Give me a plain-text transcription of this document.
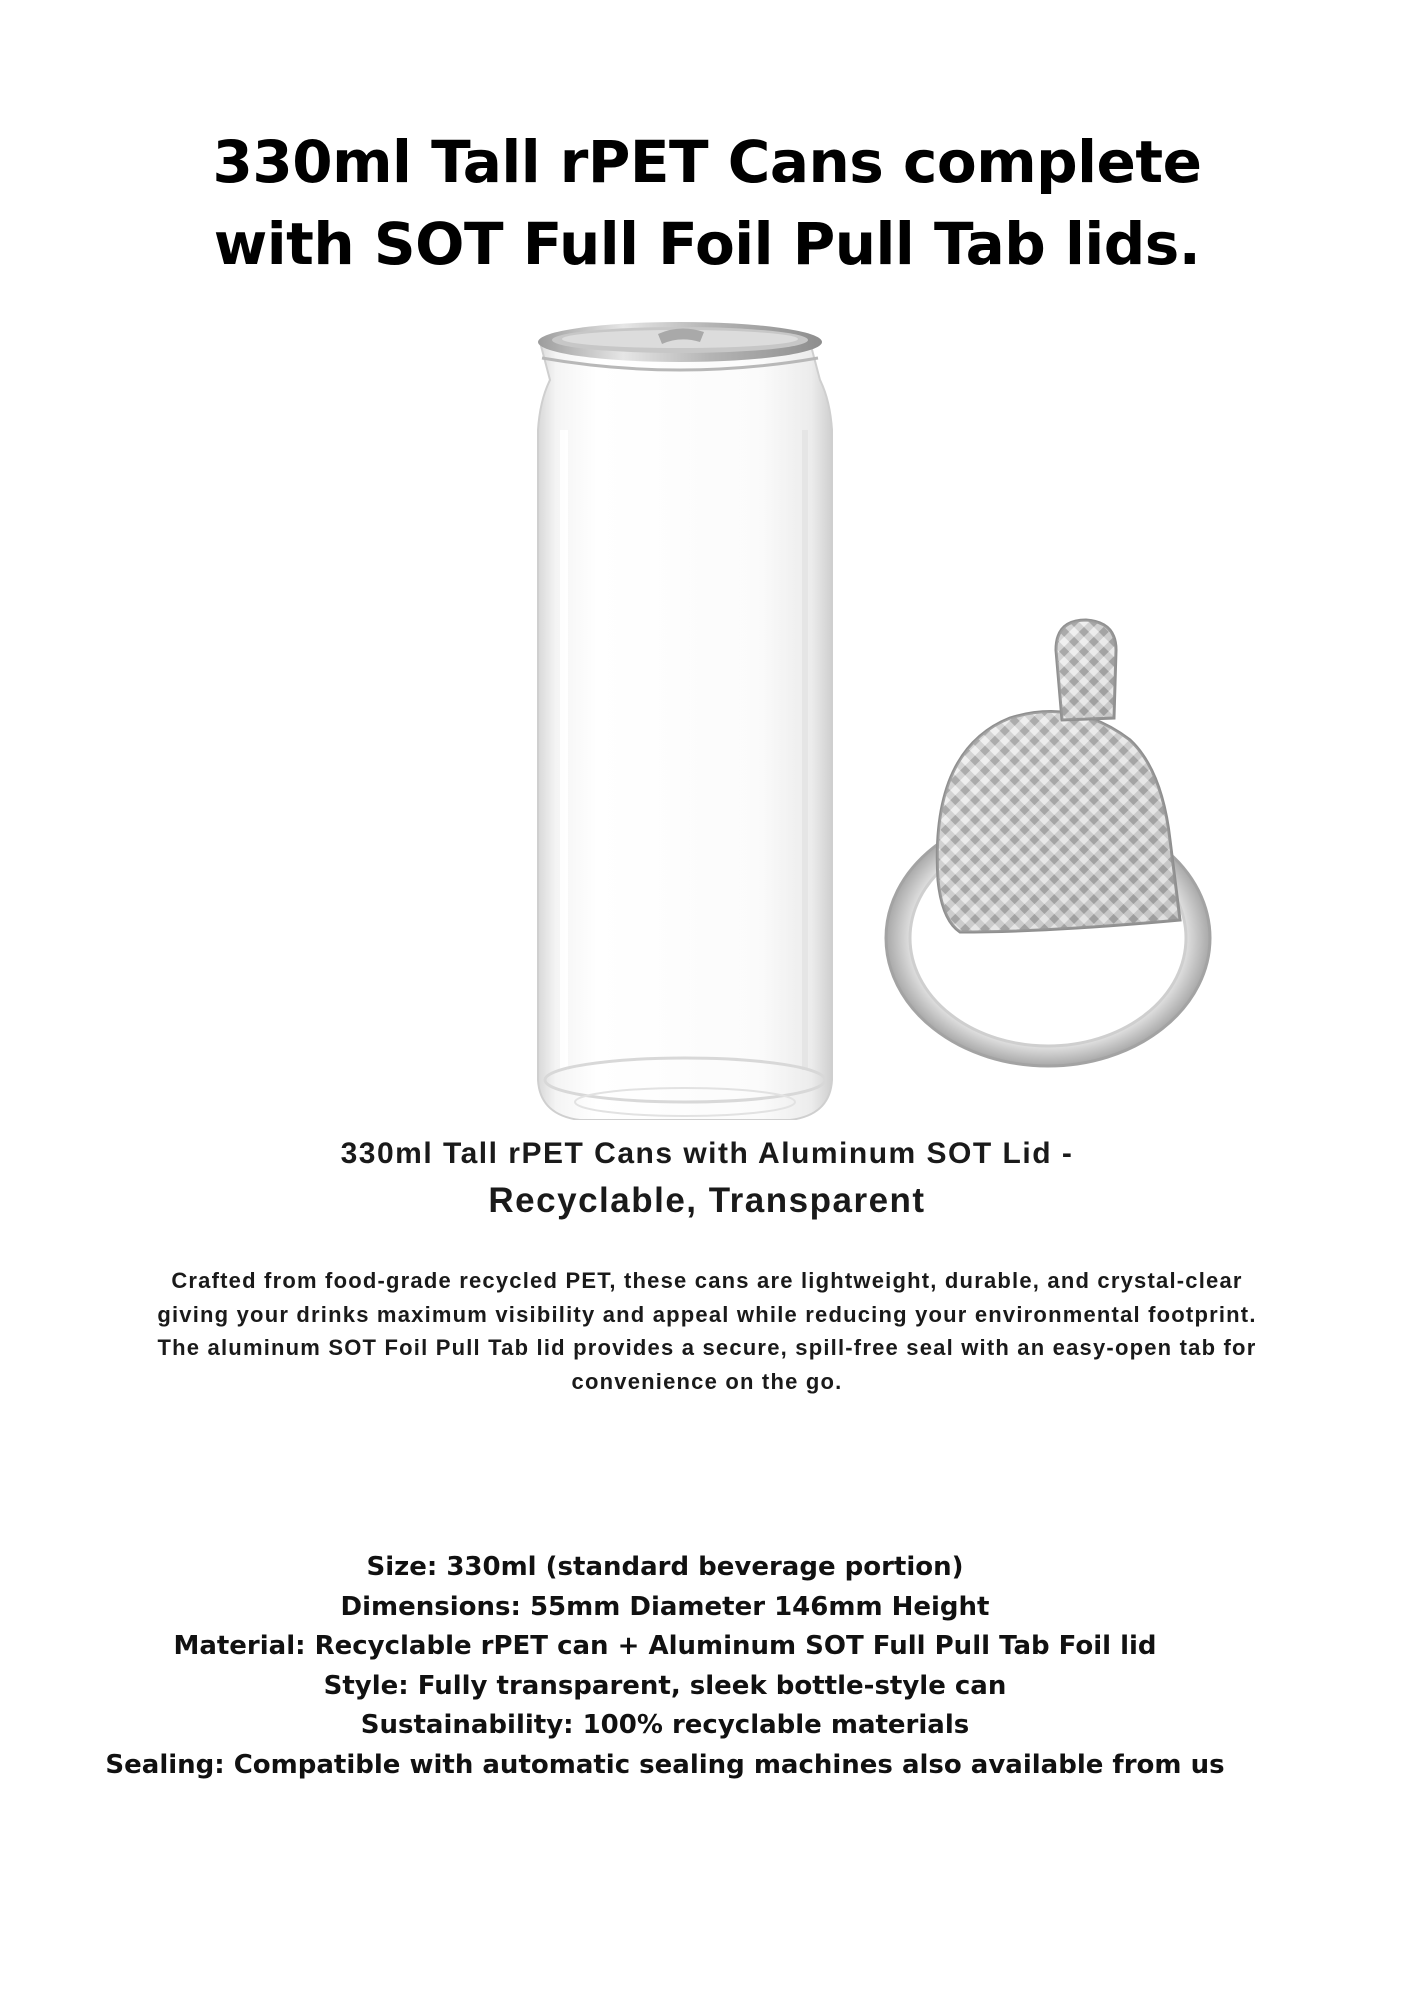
330ml Tall rPET Cans complete
with SOT Full Foil Pull Tab lids.
330ml Tall rPET Cans with Aluminum SOT Lid -
Recyclable, Transparent
Crafted from food-grade recycled PET, these cans are lightweight, durable, and crystal-clear
giving your drinks maximum visibility and appeal while reducing your environmental footprint.
The aluminum SOT Foil Pull Tab lid provides a secure, spill-free seal with an easy-open tab for
convenience on the go.
Size: 330ml (standard beverage portion)
Dimensions: 55mm Diameter 146mm Height
Material: Recyclable rPET can + Aluminum SOT Full Pull Tab Foil lid
Style: Fully transparent, sleek bottle-style can
Sustainability: 100% recyclable materials
Sealing: Compatible with automatic sealing machines also available from us
